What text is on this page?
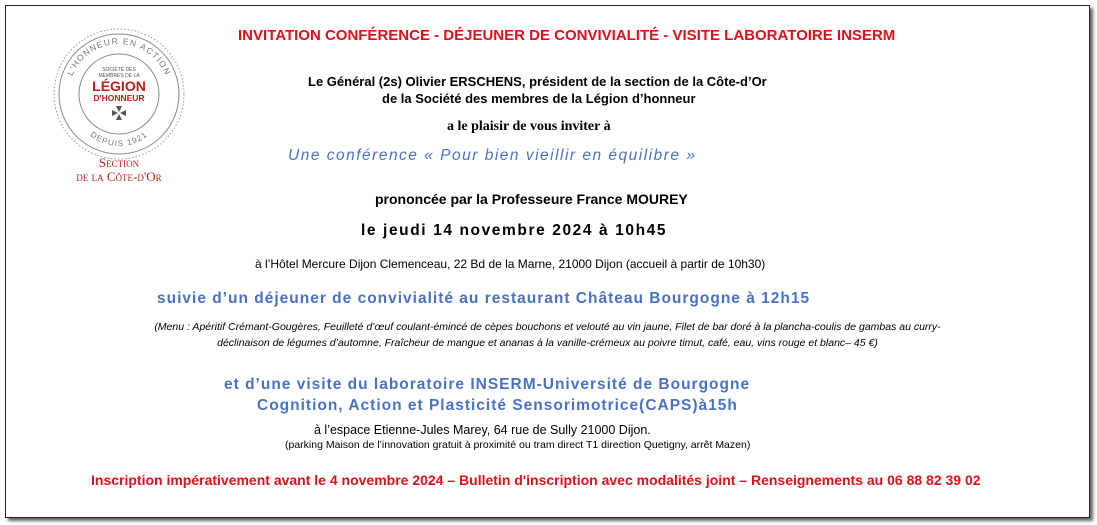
L'HONNEUR EN ACTION
DEPUIS 1921
SOCIÉTÉ DES
MEMBRES DE LA
LÉGION
D'HONNEUR
Section
de la Côte-d'Or
INVITATION CONFÉRENCE - DÉJEUNER DE CONVIVIALITÉ - VISITE LABORATOIRE INSERM
Le Général (2s) Olivier ERSCHENS, président de la section de la Côte-d’Or
de la Société des membres de la Légion d’honneur
a le plaisir de vous inviter à
Une conférence « Pour bien vieillir en équilibre »
prononcée par la Professeure France MOUREY
le jeudi 14 novembre 2024 à 10h45
à l’Hôtel Mercure Dijon Clemenceau, 22 Bd de la Marne, 21000 Dijon (accueil à partir de 10h30)
suivie d’un déjeuner de convivialité au restaurant Château Bourgogne à 12h15
(Menu : Apéritif Crémant-Gougères, Feuilleté d’œuf coulant-émincé de cèpes bouchons et velouté au vin jaune, Filet de bar doré à la plancha-coulis de gambas au curry-
déclinaison de légumes d’automne, Fraîcheur de mangue et ananas à la vanille-crémeux au poivre timut, café, eau, vins rouge et blanc– 45 €)
et d’une visite du laboratoire INSERM-Université de Bourgogne
Cognition, Action et Plasticité Sensorimotrice(CAPS)à15h
à l’espace Etienne-Jules Marey, 64 rue de Sully 21000 Dijon.
(parking Maison de l’innovation gratuit à proximité ou tram direct T1 direction Quetigny, arrêt Mazen)
Inscription impérativement avant le 4 novembre 2024 – Bulletin d'inscription avec modalités joint – Renseignements au 06 88 82 39 02
